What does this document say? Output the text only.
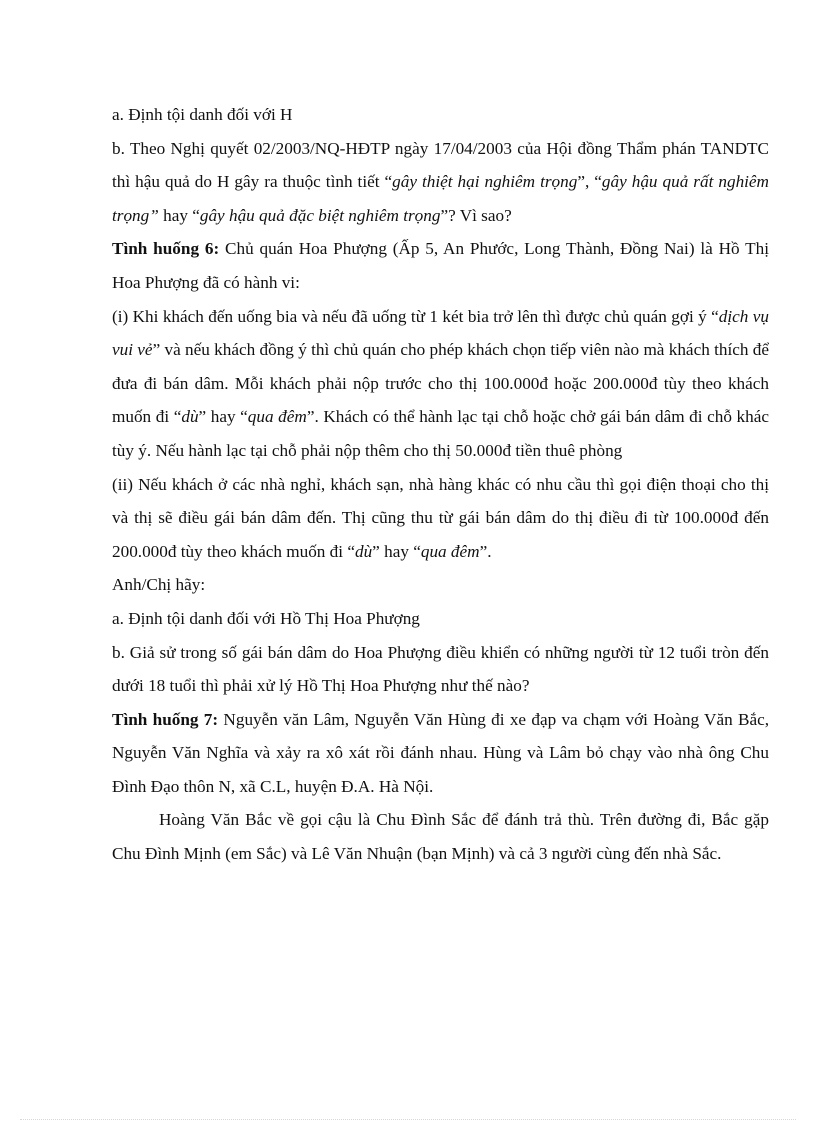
a. Định tội danh đối với H

b. Theo Nghị quyết 02/2003/NQ-HĐTP ngày 17/04/2003 của Hội đồng Thẩm phán TANDTC thì hậu quả do H gây ra thuộc tình tiết “gây thiệt hại nghiêm trọng”, “gây hậu quả rất nghiêm trọng” hay “gây hậu quả đặc biệt nghiêm trọng”? Vì sao?

Tình huống 6: Chủ quán Hoa Phượng (Ấp 5, An Phước, Long Thành, Đồng Nai) là Hồ Thị Hoa Phượng đã có hành vi:

(i) Khi khách đến uống bia và nếu đã uống từ 1 két bia trở lên thì được chủ quán gợi ý “dịch vụ vui vẻ” và nếu khách đồng ý thì chủ quán cho phép khách chọn tiếp viên nào mà khách thích để đưa đi bán dâm. Mỗi khách phải nộp trước cho thị 100.000đ hoặc 200.000đ tùy theo khách muốn đi “dù” hay “qua đêm”. Khách có thể hành lạc tại chỗ hoặc chở gái bán dâm đi chỗ khác tùy ý. Nếu hành lạc tại chỗ phải nộp thêm cho thị 50.000đ tiền thuê phòng

(ii) Nếu khách ở các nhà nghỉ, khách sạn, nhà hàng khác có nhu cầu thì gọi điện thoại cho thị và thị sẽ điều gái bán dâm đến. Thị cũng thu từ gái bán dâm do thị điều đi từ 100.000đ đến 200.000đ tùy theo khách muốn đi “dù” hay “qua đêm”.

Anh/Chị hãy:

a. Định tội danh đối với Hồ Thị Hoa Phượng

b. Giả sử trong số gái bán dâm do Hoa Phượng điều khiển có những người từ 12 tuổi tròn đến dưới 18 tuổi thì phải xử lý Hồ Thị Hoa Phượng như thế nào?

Tình huống 7: Nguyễn văn Lâm, Nguyễn Văn Hùng đi xe đạp va chạm với Hoàng Văn Bắc, Nguyễn Văn Nghĩa và xảy ra xô xát rồi đánh nhau. Hùng và Lâm bỏ chạy vào nhà ông Chu Đình Đạo thôn N, xã C.L, huyện Đ.A. Hà Nội.

Hoàng Văn Bắc về gọi cậu là Chu Đình Sắc để đánh trả thù. Trên đường đi, Bắc gặp Chu Đình Mịnh (em Sắc) và Lê Văn Nhuận (bạn Mịnh) và cả 3 người cùng đến nhà Sắc.
